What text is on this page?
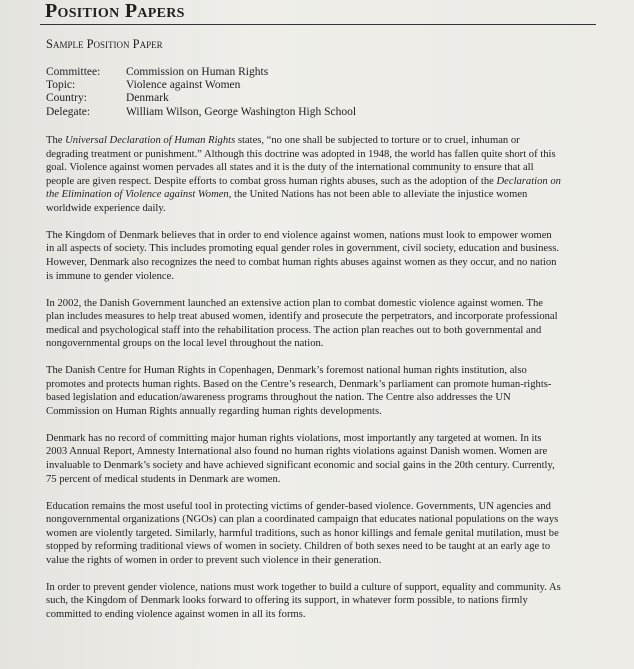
Position Papers
Sample Position Paper
Committee:	Commission on Human Rights
Topic:	Violence against Women
Country:	Denmark
Delegate:	William Wilson, George Washington High School

The Universal Declaration of Human Rights states, “no one shall be subjected to torture or to cruel, inhuman or degrading treatment or punishment.” Although this doctrine was adopted in 1948, the world has fallen quite short of this goal. Violence against women pervades all states and it is the duty of the international community to ensure that all people are given respect. Despite efforts to combat gross human rights abuses, such as the adoption of the Declaration on the Elimination of Violence against Women, the United Nations has not been able to alleviate the injustice women worldwide experience daily.

The Kingdom of Denmark believes that in order to end violence against women, nations must look to empower women in all aspects of society. This includes promoting equal gender roles in government, civil society, education and business. However, Denmark also recognizes the need to combat human rights abuses against women as they occur, and no nation is immune to gender violence.

In 2002, the Danish Government launched an extensive action plan to combat domestic violence against women. The plan includes measures to help treat abused women, identify and prosecute the perpetrators, and incorporate professional medical and psychological staff into the rehabilitation process. The action plan reaches out to both governmental and nongovernmental groups on the local level throughout the nation.

The Danish Centre for Human Rights in Copenhagen, Denmark’s foremost national human rights institution, also promotes and protects human rights. Based on the Centre’s research, Denmark’s parliament can promote human-rights-based legislation and education/awareness programs throughout the nation. The Centre also addresses the UN Commission on Human Rights annually regarding human rights developments.

Denmark has no record of committing major human rights violations, most importantly any targeted at women. In its 2003 Annual Report, Amnesty International also found no human rights violations against Danish women. Women are invaluable to Denmark’s society and have achieved significant economic and social gains in the 20th century. Currently, 75 percent of medical students in Denmark are women.

Education remains the most useful tool in protecting victims of gender-based violence. Governments, UN agencies and nongovernmental organizations (NGOs) can plan a coordinated campaign that educates national populations on the ways women are violently targeted. Similarly, harmful traditions, such as honor killings and female genital mutilation, must be stopped by reforming traditional views of women in society. Children of both sexes need to be taught at an early age to value the rights of women in order to prevent such violence in their generation.

In order to prevent gender violence, nations must work together to build a culture of support, equality and community. As such, the Kingdom of Denmark looks forward to offering its support, in whatever form possible, to nations firmly committed to ending violence against women in all its forms.
